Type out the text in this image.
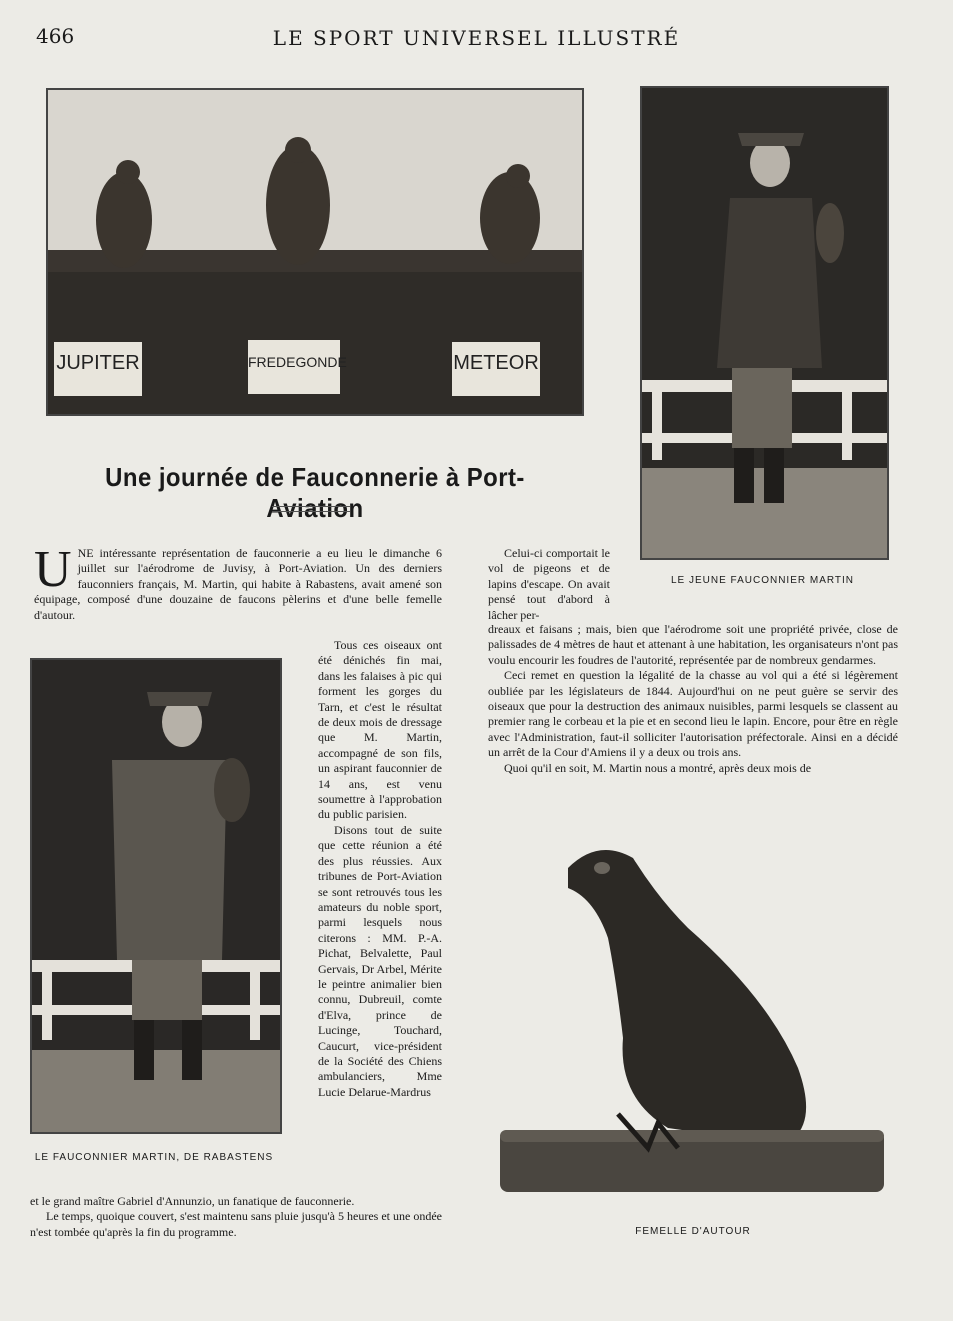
466	LE SPORT UNIVERSEL ILLUSTRÉ
JUPITER	FREDEGONDE	METEOR
LE JEUNE FAUCONNIER MARTIN
Une journée de Fauconnerie à Port-Aviation
U NE intéressante représentation de fauconnerie a eu lieu le dimanche 6 juillet sur l'aérodrome de Juvisy, à Port-Aviation. Un des derniers fauconniers français, M. Martin, qui habite à Rabastens, avait amené son équipage, composé d'une douzaine de faucons pèlerins et d'une belle femelle d'autour.
LE FAUCONNIER MARTIN, DE RABASTENS

Tous ces oiseaux ont été dénichés fin mai, dans les falaises à pic qui forment les gorges du Tarn, et c'est le résultat de deux mois de dressage que M. Martin, accompagné de son fils, un aspirant fauconnier de 14 ans, est venu soumettre à l'approbation du public parisien.

Disons tout de suite que cette réunion a été des plus réussies. Aux tribunes de Port-Aviation se sont retrouvés tous les amateurs du noble sport, parmi lesquels nous citerons : MM. P.-A. Pichat, Belvalette, Paul Gervais, Dr Arbel, Mérite le peintre animalier bien connu, Dubreuil, comte d'Elva, prince de Lucinge, Touchard, Caucurt, vice-président de la Société des Chiens ambulanciers, Mme Lucie Delarue-Mardrus

et le grand maître Gabriel d'Annunzio, un fanatique de fauconnerie.

Le temps, quoique couvert, s'est maintenu sans pluie jusqu'à 5 heures et une ondée n'est tombée qu'après la fin du programme.

Celui-ci comportait le vol de pigeons et de lapins d'escape. On avait pensé tout d'abord à lâcher per-

dreaux et faisans ; mais, bien que l'aérodrome soit une propriété privée, close de palissades de 4 mètres de haut et attenant à une habitation, les organisateurs n'ont pas voulu encourir les foudres de l'autorité, représentée par de nombreux gendarmes.

Ceci remet en question la légalité de la chasse au vol qui a été si légèrement oubliée par les législateurs de 1844. Aujourd'hui on ne peut guère se servir des oiseaux que pour la destruction des animaux nuisibles, parmi lesquels se classent au premier rang le corbeau et la pie et en second lieu le lapin. Encore, pour être en règle avec l'Administration, faut-il solliciter l'autorisation préfectorale. Ainsi en a décidé un arrêt de la Cour d'Amiens il y a deux ou trois ans.

Quoi qu'il en soit, M. Martin nous a montré, après deux mois de

FEMELLE D'AUTOUR
